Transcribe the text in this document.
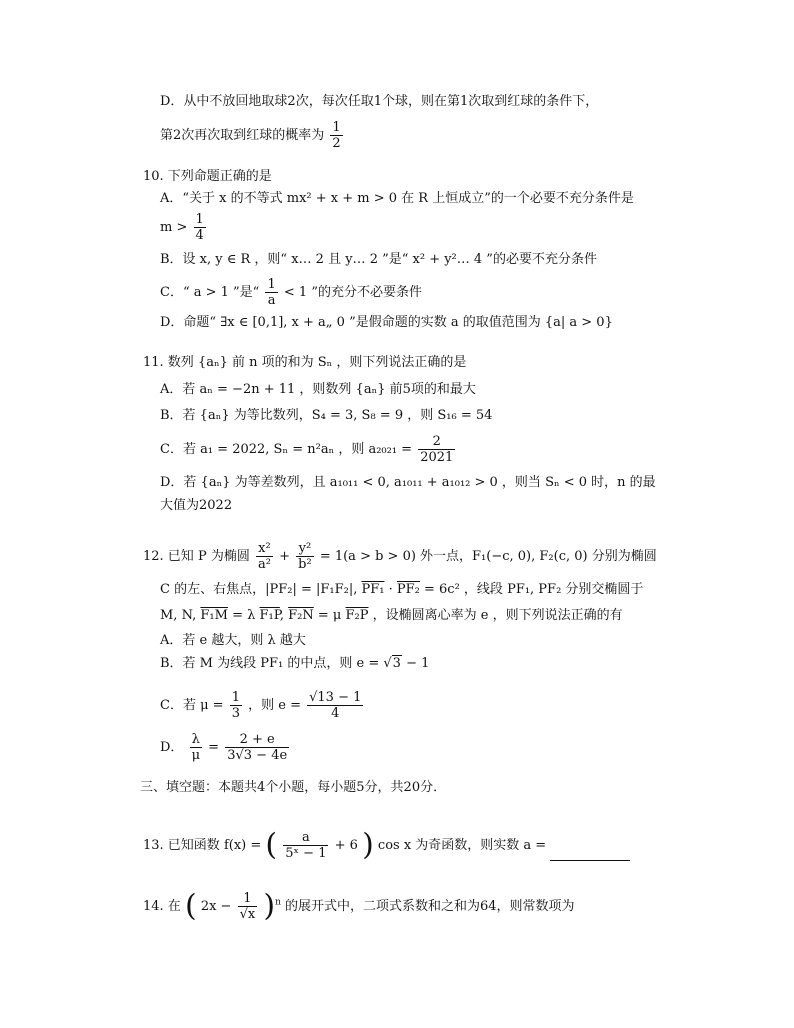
D．从中不放回地取球2次，每次任取1个球，则在第1次取到红球的条件下，
第2次再次取到红球的概率为 $\frac{1}{2}$
10. 下列命题正确的是
A．“关于 x 的不等式 mx² + x + m > 0 在 R 上恒成立”的一个必要不充分条件是
$m > \frac{1}{4}$
B．设 x, y ∈ R ，则“ x… 2 且 y… 2 ”是“ x² + y²… 4 ”的必要不充分条件
C．“ a > 1 ”是“ $\frac{1}{a} < 1$ ”的充分不必要条件
D．命题“ ∃x ∈ [0,1], x + a„ 0 ”是假命题的实数 a 的取值范围为 {a| a > 0}
11. 数列 {aₙ} 前 n 项的和为 Sₙ ，则下列说法正确的是
A．若 aₙ = −2n + 11 ，则数列 {aₙ} 前5项的和最大
B．若 {aₙ} 为等比数列，S₄ = 3, S₈ = 9 ，则 S₁₆ = 54
C．若 a₁ = 2022, Sₙ = n²aₙ ，则 $a_{2021} = \frac{2}{2021}$
D．若 {aₙ} 为等差数列，且 a₁₀₁₁ < 0, a₁₀₁₁ + a₁₀₁₂ > 0 ，则当 Sₙ < 0 时，n 的最
大值为2022
12. 已知 P 为椭圆 $\frac{\text{x²}}{\text{a²}} + \frac{\text{y²}}{\text{b²}} = 1(a > b > 0)$ 外一点，F₁(−c, 0), F₂(c, 0) 分别为椭圆
C 的左、右焦点，|PF₂| = |F₁F₂|, PF₁ · PF₂ = 6c² ，线段 PF₁, PF₂ 分别交椭圆于
M, N, F₁M = λ F₁P, F₂N = μ F₂P ，设椭圆离心率为 e ，则下列说法正确的有
A．若 e 越大，则 λ 越大
B．若 M 为线段 PF₁ 的中点，则 e = √3 − 1
C．若 $\mu = \frac{1}{3}$ ，则 $e = \frac{√13 - 1}{4}$
D． $\frac{\lambda}{\mu} = \frac{2 + e}{3√3 - 4e}$
三、填空题：本题共4个小题，每小题5分，共20分．
13. 已知函数 f(x) = ( $\frac{a}{\text{5ˣ − 1}} + 6$ ) cos x 为奇函数，则实数 a =
14. 在 ( $2x - \frac{1}{√x} )^n$ 的展开式中，二项式系数和之和为64，则常数项为
